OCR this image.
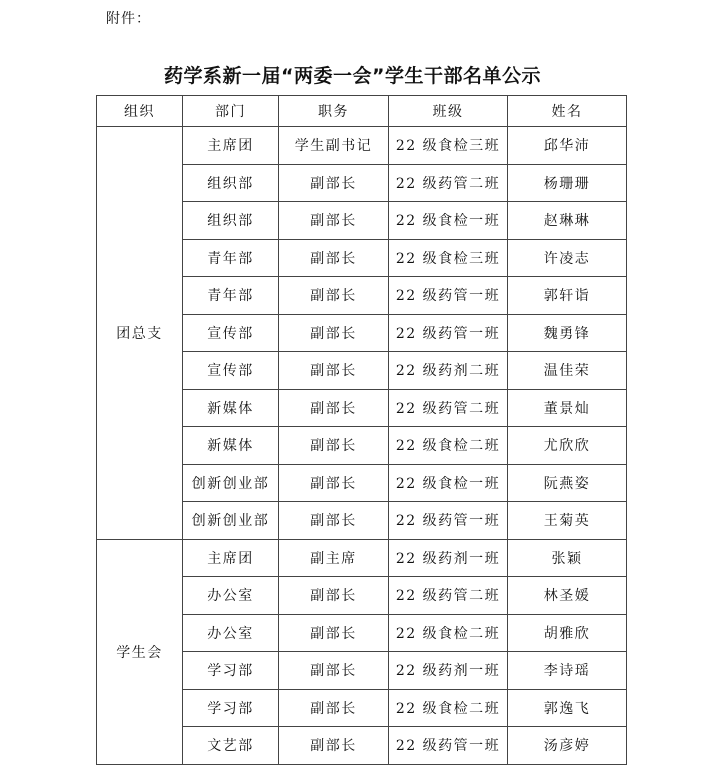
附件：
药学系新一届“两委一会”学生干部名单公示
组织	部门	职务	班级	姓名
团总支	主席团	学生副书记	22 级食检三班	邱华沛
	组织部	副部长	22 级药管二班	杨珊珊
	组织部	副部长	22 级食检一班	赵琳琳
	青年部	副部长	22 级食检三班	许凌志
	青年部	副部长	22 级药管一班	郭轩诣
	宣传部	副部长	22 级药管一班	魏勇锋
	宣传部	副部长	22 级药剂二班	温佳荣
	新媒体	副部长	22 级药管二班	董景灿
	新媒体	副部长	22 级食检二班	尤欣欣
	创新创业部	副部长	22 级食检一班	阮燕姿
	创新创业部	副部长	22 级药管一班	王菊英
学生会	主席团	副主席	22 级药剂一班	张颖
	办公室	副部长	22 级药管二班	林圣媛
	办公室	副部长	22 级食检二班	胡雅欣
	学习部	副部长	22 级药剂一班	李诗瑶
	学习部	副部长	22 级食检二班	郭逸飞
	文艺部	副部长	22 级药管一班	汤彦婷
